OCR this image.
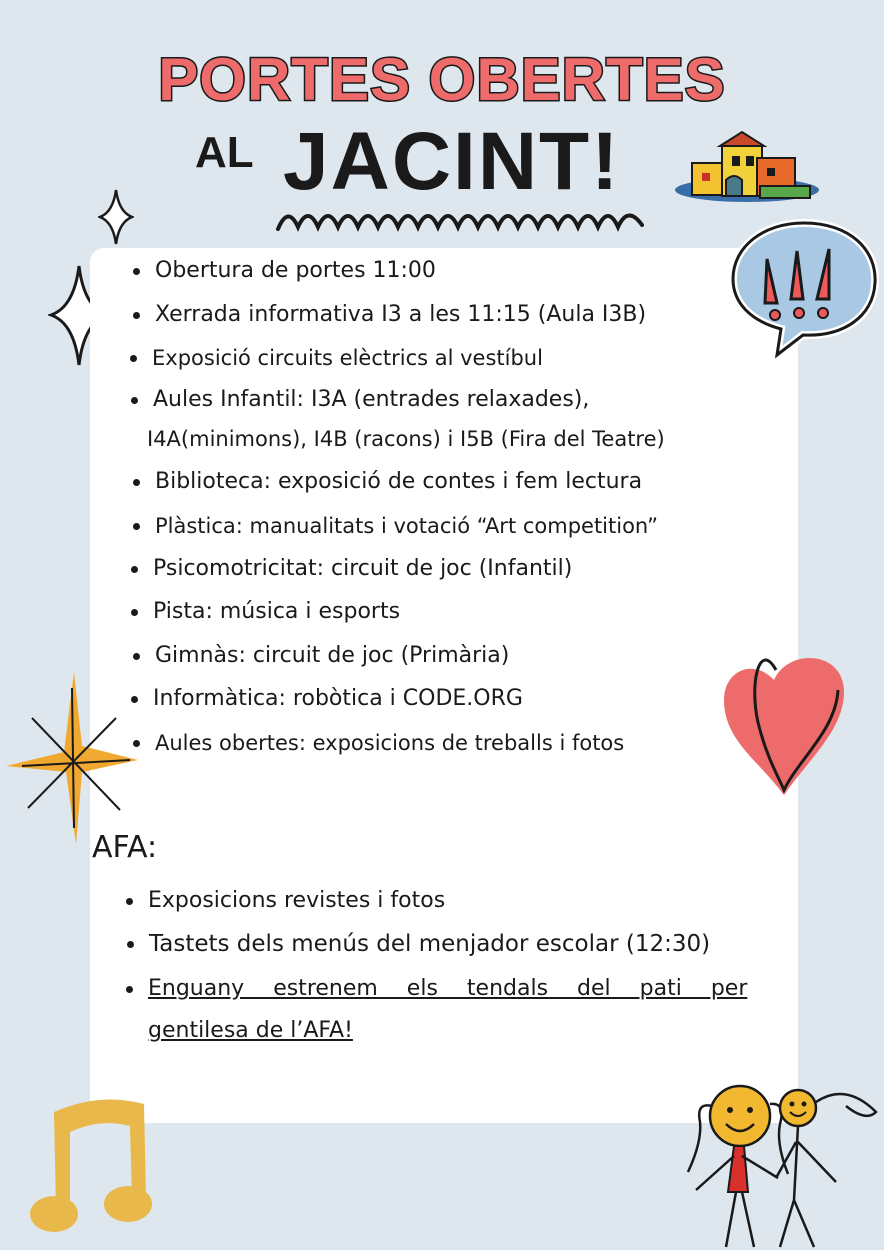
PORTES OBERTES
AL JACINT!
Obertura de portes 11:00
Xerrada informativa I3 a les 11:15 (Aula I3B)
Exposició circuits elèctrics al vestíbul
Aules Infantil: I3A (entrades relaxades),
I4A(minimons), I4B (racons) i I5B (Fira del Teatre)
Biblioteca: exposició de contes i fem lectura
Plàstica: manualitats i votació “Art competition”
Psicomotricitat: circuit de joc (Infantil)
Pista: música i esports
Gimnàs: circuit de joc (Primària)
Informàtica: robòtica i CODE.ORG
Aules obertes: exposicions de treballs i fotos
AFA:
Exposicions revistes i fotos
Tastets dels menús del menjador escolar (12:30)
Enguany estrenem els tendals del pati per
gentilesa de l’AFA!
